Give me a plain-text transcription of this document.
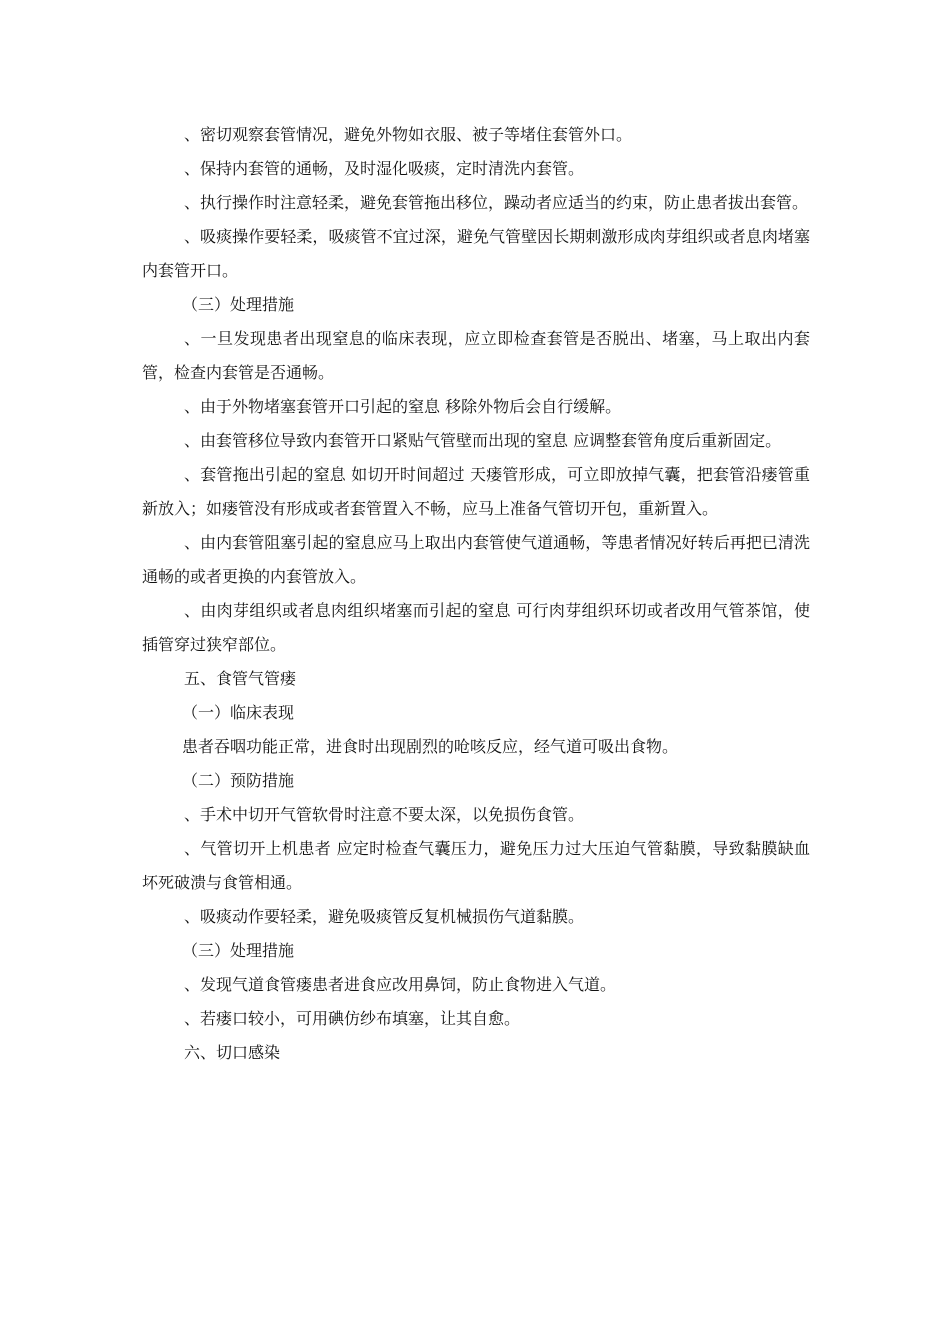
、密切观察套管情况，避免外物如衣服、被子等堵住套管外口。

、保持内套管的通畅，及时湿化吸痰，定时清洗内套管。

、执行操作时注意轻柔，避免套管拖出移位，躁动者应适当的约束，防止患者拔出套管。

、吸痰操作要轻柔，吸痰管不宜过深，避免气管壁因长期刺激形成肉芽组织或者息肉堵塞内套管开口。

（三）处理措施

、一旦发现患者出现窒息的临床表现，应立即检查套管是否脱出、堵塞，马上取出内套管，检查内套管是否通畅。

、由于外物堵塞套管开口引起的窒息 移除外物后会自行缓解。

、由套管移位导致内套管开口紧贴气管壁而出现的窒息 应调整套管角度后重新固定。

、套管拖出引起的窒息 如切开时间超过 天瘘管形成，可立即放掉气囊，把套管沿瘘管重新放入；如瘘管没有形成或者套管置入不畅，应马上准备气管切开包，重新置入。

、由内套管阻塞引起的窒息应马上取出内套管使气道通畅，等患者情况好转后再把已清洗通畅的或者更换的内套管放入。

、由肉芽组织或者息肉组织堵塞而引起的窒息 可行肉芽组织环切或者改用气管茶馆，使插管穿过狭窄部位。

五、食管气管瘘

（一）临床表现

患者吞咽功能正常，进食时出现剧烈的呛咳反应，经气道可吸出食物。

（二）预防措施

、手术中切开气管软骨时注意不要太深，以免损伤食管。

、气管切开上机患者 应定时检查气囊压力，避免压力过大压迫气管黏膜，导致黏膜缺血坏死破溃与食管相通。

、吸痰动作要轻柔，避免吸痰管反复机械损伤气道黏膜。

（三）处理措施

、发现气道食管瘘患者进食应改用鼻饲，防止食物进入气道。

、若瘘口较小，可用碘仿纱布填塞，让其自愈。

六、切口感染
